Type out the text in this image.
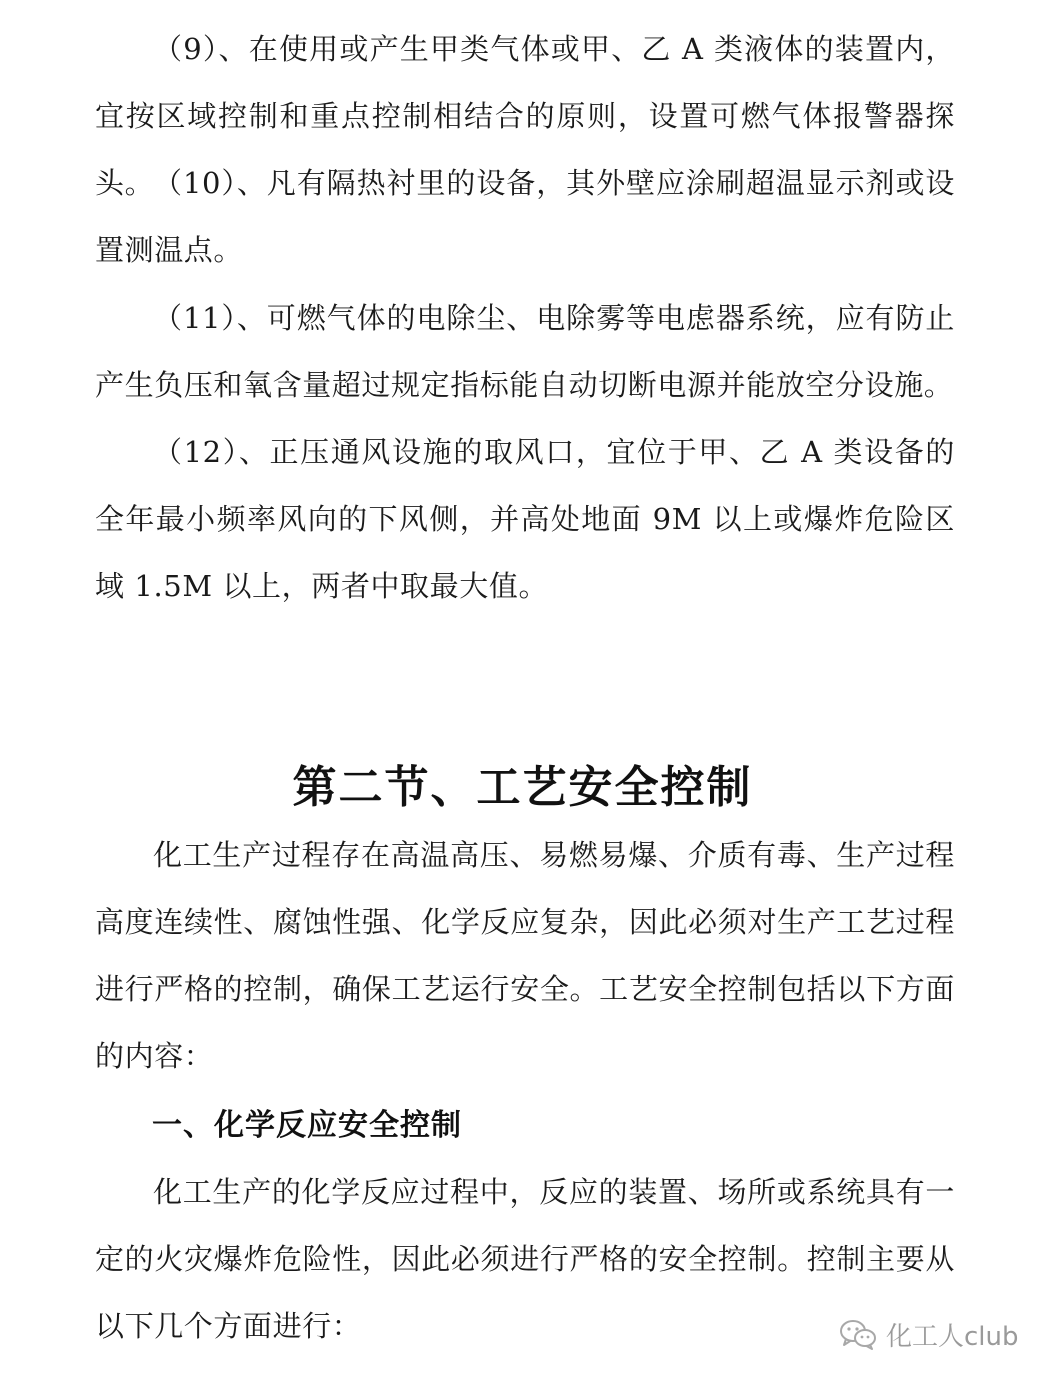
（9）、在使用或产生甲类气体或甲、乙 A 类液体的装置内，宜按区域控制和重点控制相结合的原则，设置可燃气体报警器探头。

（10）、凡有隔热衬里的设备，其外壁应涂刷超温显示剂或设置测温点。

（11）、可燃气体的电除尘、电除雾等电虑器系统，应有防止产生负压和氧含量超过规定指标能自动切断电源并能放空分设施。

（12）、正压通风设施的取风口，宜位于甲、乙 A 类设备的全年最小频率风向的下风侧，并高处地面 9M 以上或爆炸危险区域 1.5M 以上，两者中取最大值。

第二节、工艺安全控制

化工生产过程存在高温高压、易燃易爆、介质有毒、生产过程高度连续性、腐蚀性强、化学反应复杂，因此必须对生产工艺过程进行严格的控制，确保工艺运行安全。工艺安全控制包括以下方面的内容：

一、化学反应安全控制

化工生产的化学反应过程中，反应的装置、场所或系统具有一定的火灾爆炸危险性，因此必须进行严格的安全控制。控制主要从以下几个方面进行：	化工人club
